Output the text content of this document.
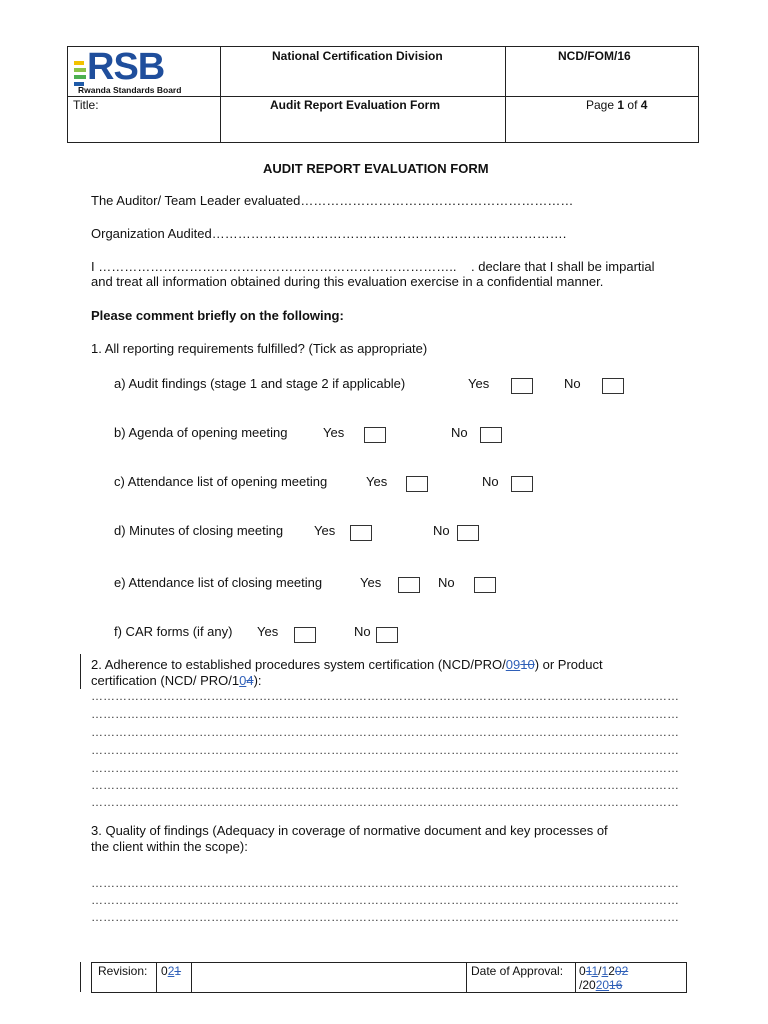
RSB
Rwanda Standards Board
National Certification Division	NCD/FOM/16
Title:	Audit Report Evaluation Form	Page 1 of 4
AUDIT REPORT EVALUATION FORM
The Auditor/ Team Leader evaluated………………………………………………………
Organization Audited……………………………………………………………………….
I ……………………………………………………………………….. . declare that I shall be impartial
and treat all information obtained during this evaluation exercise in a confidential manner.
Please comment briefly on the following:
1. All reporting requirements fulfilled? (Tick as appropriate)
a) Audit findings (stage 1 and stage 2 if applicable)	Yes	No
b) Agenda of opening meeting	Yes	No
c) Attendance list of opening meeting	Yes	No
d) Minutes of closing meeting Yes	No
e) Attendance list of closing meeting	Yes	No
f) CAR forms (if any) Yes	No
2. Adherence to established procedures system certification (NCD/PRO/0910) or Product
certification (NCD/ PRO/104):
…………………………………………………………………………………………………………………………………
…………………………………………………………………………………………………………………………………
…………………………………………………………………………………………………………………………………
…………………………………………………………………………………………………………………………………
…………………………………………………………………………………………………………………………………
…………………………………………………………………………………………………………………………………
…………………………………………………………………………………………………………………………………
3. Quality of findings (Adequacy in coverage of normative document and key processes of
the client within the scope):
…………………………………………………………………………………………………………………………………
…………………………………………………………………………………………………………………………………
…………………………………………………………………………………………………………………………………
Revision: 021	Date of Approval: 011/1202
/202016
